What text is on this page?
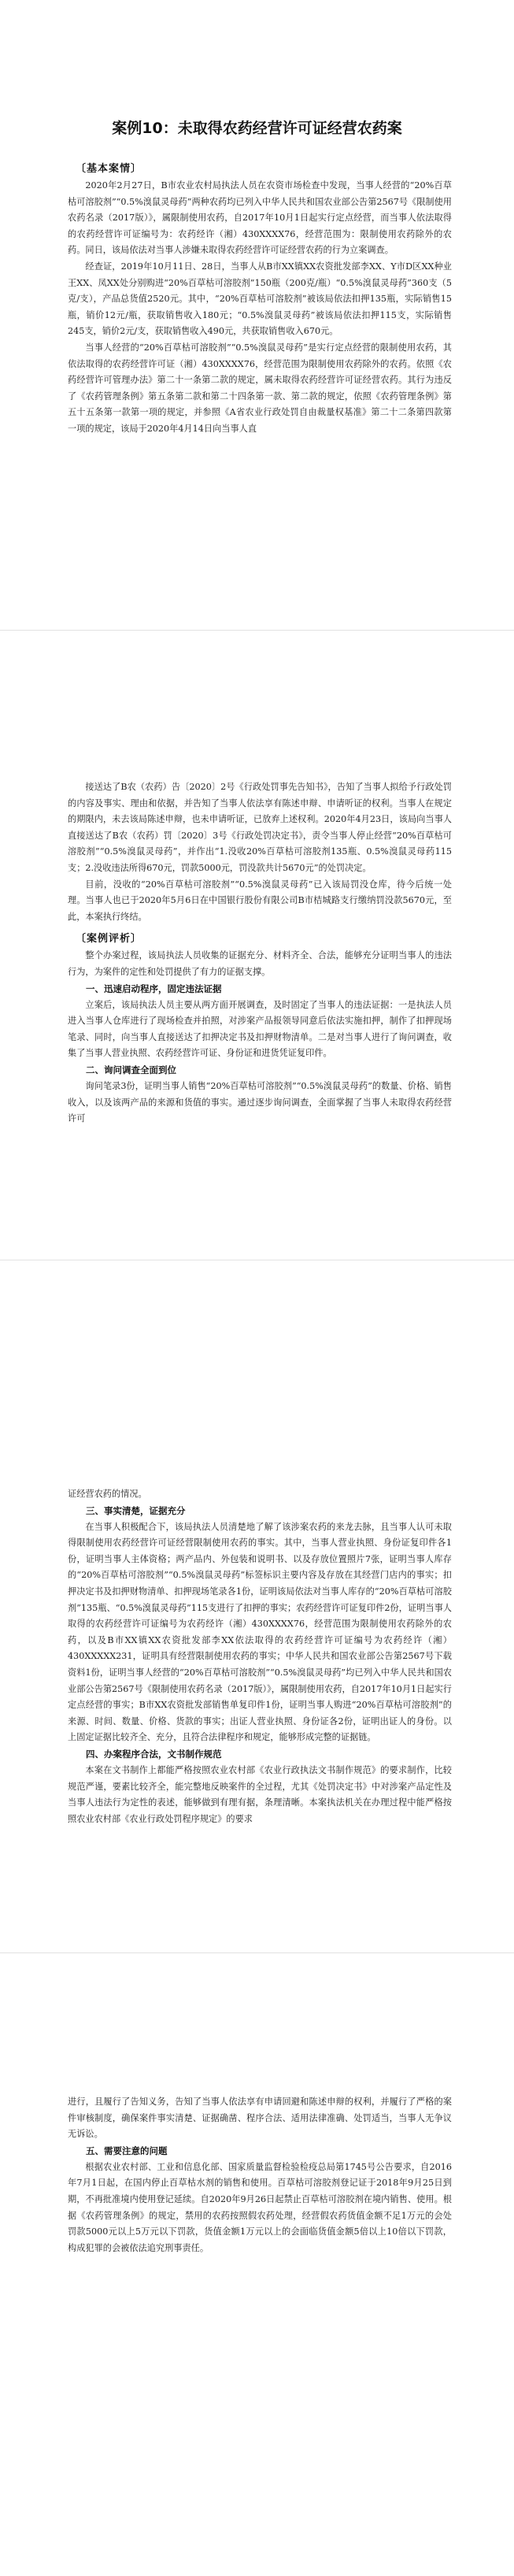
案例10：未取得农药经营许可证经营农药案
〔基本案情〕

2020年2月27日，B市农业农村局执法人员在农资市场检查中发现，当事人经营的“20%百草枯可溶胶剂”“0.5%溴鼠灵母药”两种农药均已列入中华人民共和国农业部公告第2567号《限制使用农药名录（2017版）》，属限制使用农药，自2017年10月1日起实行定点经营，而当事人依法取得的农药经营许可证编号为：农药经许（湘）430XXXX76，经营范围为：限制使用农药除外的农药。同日，该局依法对当事人涉嫌未取得农药经营许可证经营农药的行为立案调查。

经查证，2019年10月11日、28日，当事人从B市XX镇XX农资批发部李XX、Y市D区XX种业王XX、凤XX处分别购进“20%百草枯可溶胶剂”150瓶（200克/瓶）“0.5%溴鼠灵母药”360支（5克/支），产品总货值2520元。其中，“20%百草枯可溶胶剂”被该局依法扣押135瓶，实际销售15瓶，销价12元/瓶，获取销售收入180元；“0.5%溴鼠灵母药”被该局依法扣押115支，实际销售245支，销价2元/支，获取销售收入490元，共获取销售收入670元。

当事人经营的“20%百草枯可溶胶剂”“0.5%溴鼠灵母药”是实行定点经营的限制使用农药，其依法取得的农药经营许可证（湘）430XXXX76，经营范围为限制使用农药除外的农药。依照《农药经营许可管理办法》第二十一条第二款的规定，属未取得农药经营许可证经营农药。其行为违反了《农药管理条例》第五条第二款和第二十四条第一款、第二款的规定，依照《农药管理条例》第五十五条第一款第一项的规定，并参照《A省农业行政处罚自由裁量权基准》第二十二条第四款第一项的规定，该局于2020年4月14日向当事人直

接送达了B农（农药）告〔2020〕2号《行政处罚事先告知书》，告知了当事人拟给予行政处罚的内容及事实、理由和依据，并告知了当事人依法享有陈述申辩、申请听证的权利。当事人在规定的期限内，未去该局陈述申辩，也未申请听证，已放弃上述权利。2020年4月23日，该局向当事人直接送达了B农（农药）罚〔2020〕3号《行政处罚决定书》，责令当事人停止经营“20%百草枯可溶胶剂”“0.5%溴鼠灵母药”，并作出“1.没收20%百草枯可溶胶剂135瓶、0.5%溴鼠灵母药115支；2.没收违法所得670元，罚款5000元，罚没款共计5670元”的处罚决定。

目前，没收的“20%百草枯可溶胶剂”“0.5%溴鼠灵母药”已入该局罚没仓库，待今后统一处理。当事人也已于2020年5月6日在中国银行股份有限公司B市桔城路支行缴纳罚没款5670元，至此，本案执行终结。

〔案例评析〕

整个办案过程，该局执法人员收集的证据充分、材料齐全、合法，能够充分证明当事人的违法行为，为案件的定性和处罚提供了有力的证据支撑。

一、迅速启动程序，固定违法证据

立案后，该局执法人员主要从两方面开展调查，及时固定了当事人的违法证据：一是执法人员进入当事人仓库进行了现场检查并拍照，对涉案产品报领导同意后依法实施扣押，制作了扣押现场笔录、同时，向当事人直接送达了扣押决定书及扣押财物清单。二是对当事人进行了询问调查，收集了当事人营业执照、农药经营许可证、身份证和进货凭证复印件。

二、询问调查全面到位

询问笔录3份，证明当事人销售“20%百草枯可溶胶剂”“0.5%溴鼠灵母药”的数量、价格、销售收入，以及该两产品的来源和货值的事实。通过逐步询问调查，全面掌握了当事人未取得农药经营许可

证经营农药的情况。

三、事实清楚，证据充分

在当事人积极配合下，该局执法人员清楚地了解了该涉案农药的来龙去脉，且当事人认可未取得限制使用农药经营许可证经营限制使用农药的事实。其中，当事人营业执照、身份证复印件各1份，证明当事人主体资格；两产品内、外包装和说明书、以及存放位置照片7张，证明当事人库存的“20%百草枯可溶胶剂”“0.5%溴鼠灵母药”标签标识主要内容及存放在其经营门店内的事实；扣押决定书及扣押财物清单、扣押现场笔录各1份，证明该局依法对当事人库存的“20%百草枯可溶胶剂”135瓶、“0.5%溴鼠灵母药”115支进行了扣押的事实；农药经营许可证复印件2份，证明当事人取得的农药经营许可证编号为农药经许（湘）430XXXX76，经营范围为限制使用农药除外的农药，以及B市XX镇XX农资批发部李XX依法取得的农药经营许可证编号为农药经许（湘）430XXXXX231，证明具有经营限制使用农药的事实；中华人民共和国农业部公告第2567号下载资料1份，证明当事人经营的“20%百草枯可溶胶剂”“0.5%溴鼠灵母药”均已列入中华人民共和国农业部公告第2567号《限制使用农药名录（2017版）》，属限制使用农药，自2017年10月1日起实行定点经营的事实；B市XX农资批发部销售单复印件1份，证明当事人购进“20%百草枯可溶胶剂”的来源、时间、数量、价格、货款的事实；出证人营业执照、身份证各2份，证明出证人的身份。以上固定证据比较齐全、充分，且符合法律程序和规定，能够形成完整的证据链。

四、办案程序合法，文书制作规范

本案在文书制作上都能严格按照农业农村部《农业行政执法文书制作规范》的要求制作，比较规范严谨，要素比较齐全，能完整地反映案件的全过程，尤其《处罚决定书》中对涉案产品定性及当事人违法行为定性的表述，能够做到有理有据，条理清晰。本案执法机关在办理过程中能严格按照农业农村部《农业行政处罚程序规定》的要求

进行，且履行了告知义务，告知了当事人依法享有申请回避和陈述申辩的权利，并履行了严格的案件审核制度，确保案件事实清楚、证据确凿、程序合法、适用法律准确、处罚适当，当事人无争议无诉讼。

五、需要注意的问题

根据农业农村部、工业和信息化部、国家质量监督检验检疫总局第1745号公告要求，自2016年7月1日起，在国内停止百草枯水剂的销售和使用。百草枯可溶胶剂登记证于2018年9月25日到期，不再批准境内使用登记延续。自2020年9月26日起禁止百草枯可溶胶剂在境内销售、使用。根据《农药管理条例》的规定，禁用的农药按照假农药处理，经营假农药货值金额不足1万元的会处罚款5000元以上5万元以下罚款，货值金额1万元以上的会面临货值金额5倍以上10倍以下罚款，构成犯罪的会被依法追究刑事责任。
